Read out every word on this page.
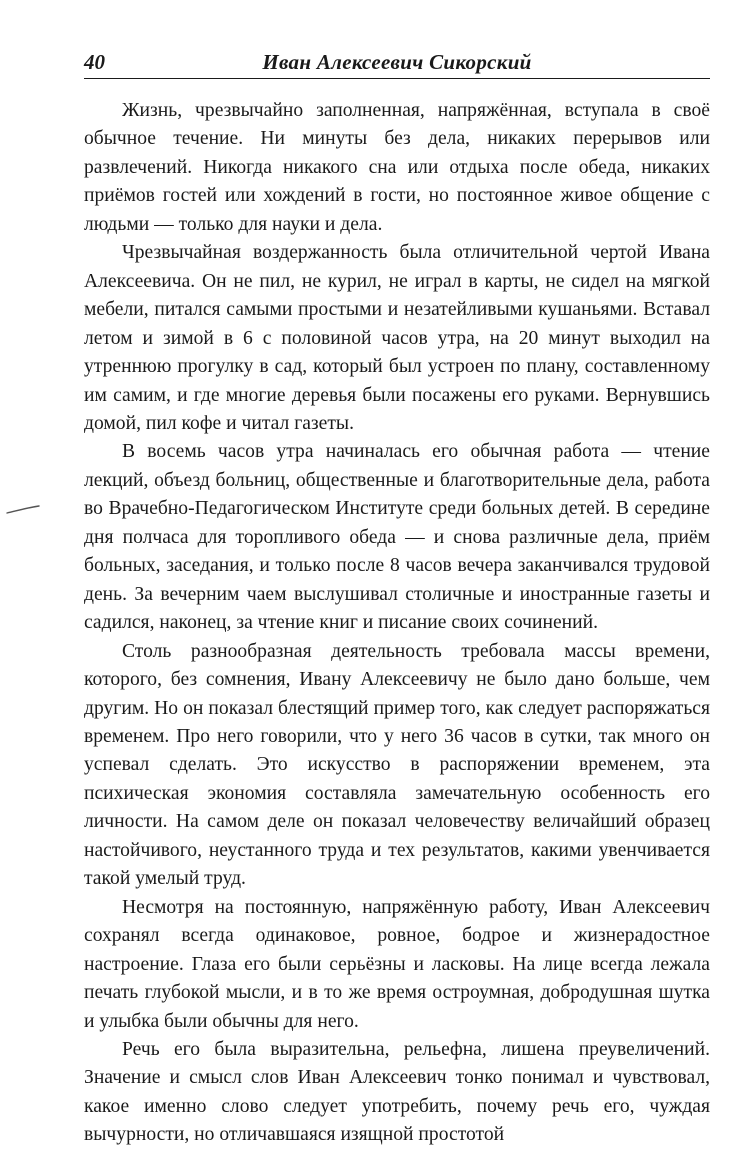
40	Иван Алексеевич Сикорский

Жизнь, чрезвычайно заполненная, напряжённая, вступала в своё обычное течение. Ни минуты без дела, никаких перерывов или развлечений. Никогда никакого сна или отдыха после обеда, никаких приёмов гостей или хождений в гости, но постоянное живое общение с людьми — только для науки и дела.

Чрезвычайная воздержанность была отличительной чертой Ивана Алексеевича. Он не пил, не курил, не играл в карты, не сидел на мягкой мебели, питался самыми простыми и незатейливыми кушаньями. Вставал летом и зимой в 6 с половиной часов утра, на 20 минут выходил на утреннюю прогулку в сад, который был устроен по плану, составленному им самим, и где многие деревья были посажены его руками. Вернувшись домой, пил кофе и читал газеты.

В восемь часов утра начиналась его обычная работа — чтение лекций, объезд больниц, общественные и благотворительные дела, работа во Врачебно-Педагогическом Институте среди больных детей. В середине дня полчаса для торопливого обеда — и снова различные дела, приём больных, заседания, и только после 8 часов вечера заканчивался трудовой день. За вечерним чаем выслушивал столичные и иностранные газеты и садился, наконец, за чтение книг и писание своих сочинений.

Столь разнообразная деятельность требовала массы времени, которого, без сомнения, Ивану Алексеевичу не было дано больше, чем другим. Но он показал блестящий пример того, как следует распоряжаться временем. Про него говорили, что у него 36 часов в сутки, так много он успевал сделать. Это искусство в распоряжении временем, эта психическая экономия составляла замечательную особенность его личности. На самом деле он показал человечеству величайший образец настойчивого, неустанного труда и тех результатов, какими увенчивается такой умелый труд.

Несмотря на постоянную, напряжённую работу, Иван Алексеевич сохранял всегда одинаковое, ровное, бодрое и жизнерадостное настроение. Глаза его были серьёзны и ласковы. На лице всегда лежала печать глубокой мысли, и в то же время остроумная, добродушная шутка и улыбка были обычны для него.

Речь его была выразительна, рельефна, лишена преувеличений. Значение и смысл слов Иван Алексеевич тонко понимал и чувствовал, какое именно слово следует употребить, почему речь его, чуждая вычурности, но отличавшаяся изящной простотой
